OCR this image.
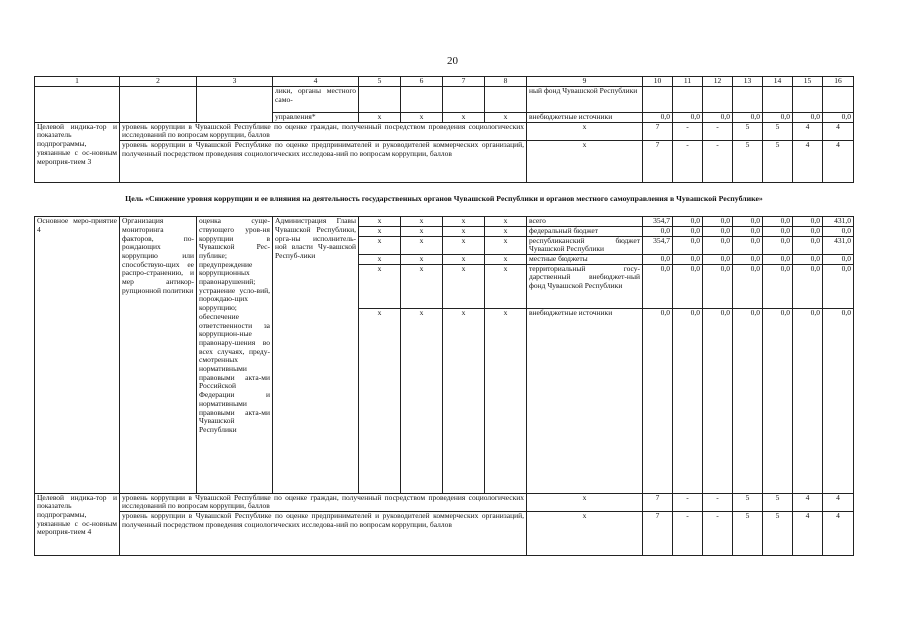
20
1	2	3	4	5	6	7	8	9	10	11	12	13	14	15	16
			лики, органы местного само-					ный фонд Чувашской Республики							
			управления*	x	x	x	x	внебюджетные источники	0,0	0,0	0,0	0,0	0,0	0,0	0,0
Целевой индика-тор и показатель подпрограммы, увязанные с ос-новным мероприя-тием 3	уровень коррупции в Чувашской Республике по оценке граждан, полученный посредством проведения социологических исследований по вопросам коррупции, баллов							x	7	-	-	5	5	4	4
	уровень коррупции в Чувашской Республике по оценке предпринимателей и руководителей коммерческих организаций, полученный посредством проведения социологических исследова-ний по вопросам коррупции, баллов							x	7	-	-	5	5	4	4

Цель «Снижение уровня коррупции и ее влияния на деятельность государственных органов Чувашской Республики и органов местного самоуправления в Чувашской Республике»															

Основное меро-приятие 4	Организация мониторинга факторов, по-рождающих коррупцию или способствую-щих ее распро-странению, и мер антикор-рупционной политики	оценка суще-ствующего уров-ня коррупции в Чувашской Рес-публике; предупреждение коррупционных правонарушений; устранение усло-вий, порождаю-щих коррупцию; обеспечение ответственности за коррупцион-ные правонару-шения во всех случаях, преду-смотренных нормативными правовыми акта-ми Российской Федерации и нормативными правовыми акта-ми Чувашской Республики	Администрация Главы Чувашской Республики, орга-ны исполнитель-ной власти Чу-вашской Респуб-лики	x	x	x	x	всего	354,7	0,0	0,0	0,0	0,0	0,0	431,0
				x	x	x	x	федеральный бюджет	0,0	0,0	0,0	0,0	0,0	0,0	0,0
				x	x	x	x	республиканский бюджет Чувашской Республики	354,7	0,0	0,0	0,0	0,0	0,0	431,0
				x	x	x	x	местные бюджеты	0,0	0,0	0,0	0,0	0,0	0,0	0,0
				x	x	x	x	территориальный госу-дарственный внебюджет-ный фонд Чувашской Республики	0,0	0,0	0,0	0,0	0,0	0,0	0,0
				x	x	x	x	внебюджетные источники	0,0	0,0	0,0	0,0	0,0	0,0	0,0
Целевой индика-тор и показатель подпрограммы, увязанные с ос-новным мероприя-тием 4	уровень коррупции в Чувашской Республике по оценке граждан, полученный посредством проведения социологических исследований по вопросам коррупции, баллов							x	7	-	-	5	5	4	4
	уровень коррупции в Чувашской Республике по оценке предпринимателей и руководителей коммерческих организаций, полученный посредством проведения социологических исследова-ний по вопросам коррупции, баллов							x	7	-	-	5	5	4	4
